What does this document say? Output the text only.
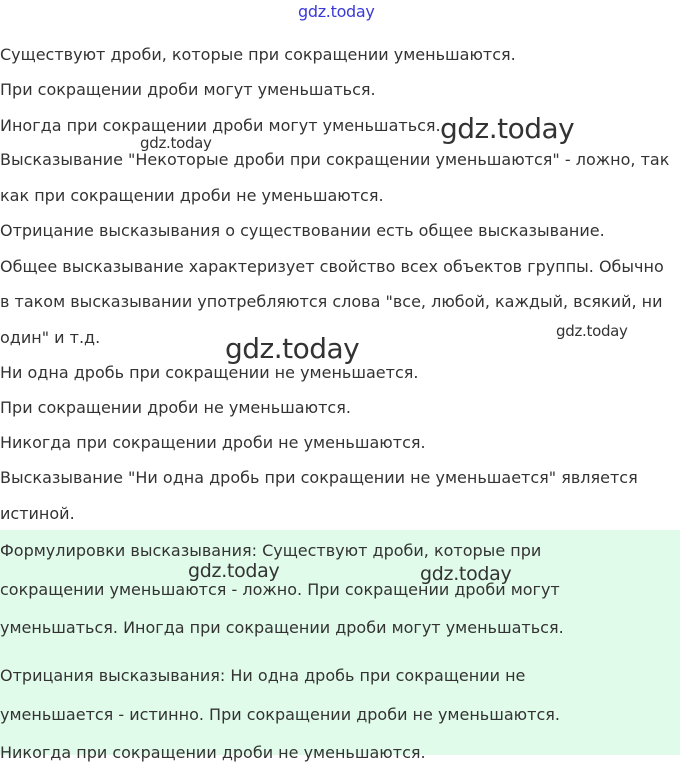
gdz.today
Существуют дроби, которые при сокращении уменьшаются.
При сокращении дроби могут уменьшаться.
Иногда при сокращении дроби могут уменьшаться.
Высказывание "Некоторые дроби при сокращении уменьшаются" - ложно, так
как при сокращении дроби не уменьшаются.
Отрицание высказывания о существовании есть общее высказывание.
Общее высказывание характеризует свойство всех объектов группы. Обычно
в таком высказывании употребляются слова "все, любой, каждый, всякий, ни
один" и т.д.
Ни одна дробь при сокращении не уменьшается.
При сокращении дроби не уменьшаются.
Никогда при сокращении дроби не уменьшаются.
Высказывание "Ни одна дробь при сокращении не уменьшается" является
истиной.
Формулировки высказывания: Существуют дроби, которые при
сокращении уменьшаются - ложно. При сокращении дроби могут
уменьшаться. Иногда при сокращении дроби могут уменьшаться.
Отрицания высказывания: Ни одна дробь при сокращении не
уменьшается - истинно. При сокращении дроби не уменьшаются.
Никогда при сокращении дроби не уменьшаются.
gdz.today
gdz.today
gdz.today
gdz.today
gdz.today	gdz.today
